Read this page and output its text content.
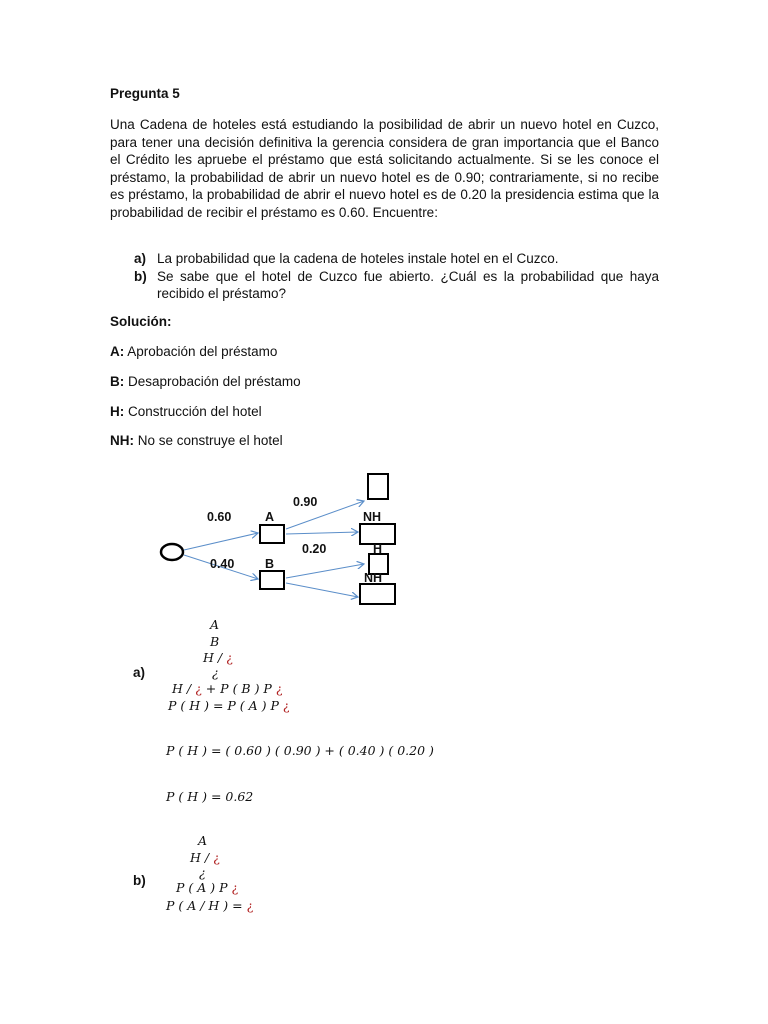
Pregunta 5
Una Cadena de hoteles está estudiando la posibilidad de abrir un nuevo hotel en Cuzco, para tener una decisión definitiva la gerencia considera de gran importancia que el Banco el Crédito les apruebe el préstamo que está solicitando actualmente. Si se les conoce el préstamo, la probabilidad de abrir un nuevo hotel es de 0.90; contrariamente, si no recibe es préstamo, la probabilidad de abrir el nuevo hotel es de 0.20 la presidencia estima que la probabilidad de recibir el préstamo es 0.60. Encuentre:
a) La probabilidad que la cadena de hoteles instale hotel en el Cuzco.
b) Se sabe que el hotel de Cuzco fue abierto. ¿Cuál es la probabilidad que haya recibido el préstamo?
Solución:
A: Aprobación del préstamo
B: Desaprobación del préstamo
H: Construcción del hotel
NH: No se construye el hotel
0.60	A
0.40 B
0.90
0.20
NH
H
NH
a)
A
B
H / ¿
¿
H / ¿ + P ( B ) P ¿
P ( H ) = P ( A ) P ¿
P ( H ) = ( 0.60 ) ( 0.90 ) + ( 0.40 ) ( 0.20 )
P ( H ) = 0.62
b)
A
H / ¿
¿
P ( A ) P ¿
P ( A / H ) = ¿
